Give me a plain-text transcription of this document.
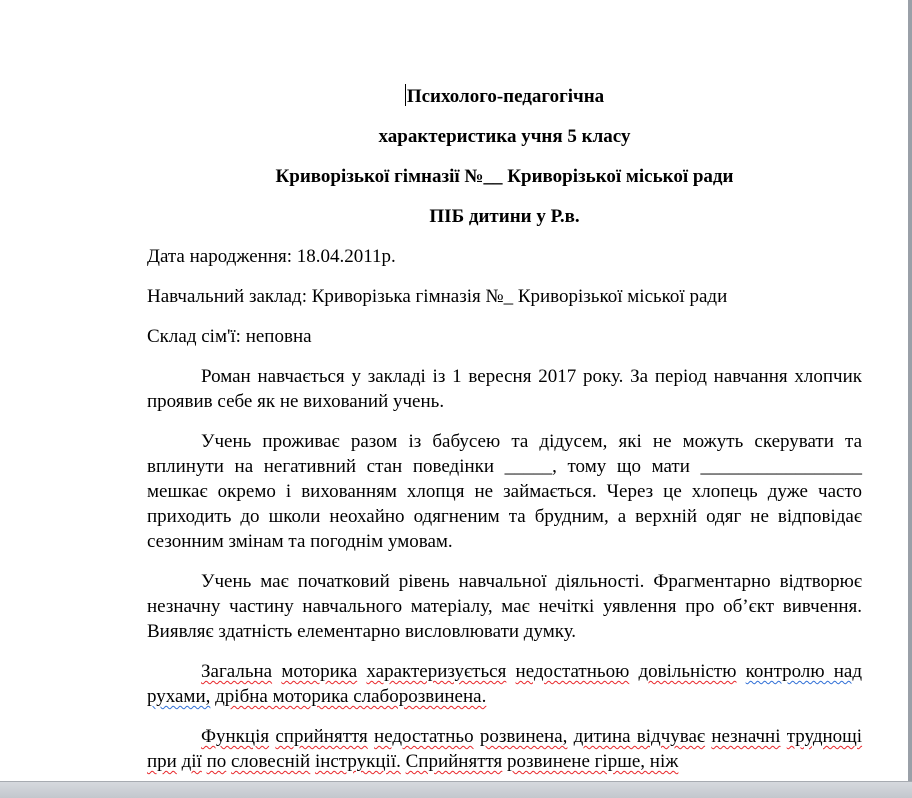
Психолого-педагогічна

характеристика учня 5 класу

Криворізької гімназії №__ Криворізької міської ради

ПІБ дитини у Р.в.

Дата народження: 18.04.2011р.

Навчальний заклад: Криворізька гімназія №_ Криворізької міської ради

Склад сім'ї: неповна

Роман навчається у закладі із 1 вересня 2017 року. За період навчання хлопчик проявив себе як не вихований учень.

Учень проживає разом із бабусею та дідусем, які не можуть скерувати та вплинути на негативний стан поведінки _____, тому що мати _________________ мешкає окремо і вихованням хлопця не займається. Через це хлопець дуже часто приходить до школи неохайно одягненим та брудним, а верхній одяг не відповідає сезонним змінам та погоднім умовам.

Учень має початковий рівень навчальної діяльності. Фрагментарно відтворює незначну частину навчального матеріалу, має нечіткі уявлення про об’єкт вивчення. Виявляє здатність елементарно висловлювати думку.

Загальна моторика характеризується недостатньою довільністю контролю над рухами, дрібна моторика слаборозвинена.

Функція сприйняття недостатньо розвинена, дитина відчуває незначні труднощі при дії по словесній інструкції. Сприйняття розвинене гірше, ніж
